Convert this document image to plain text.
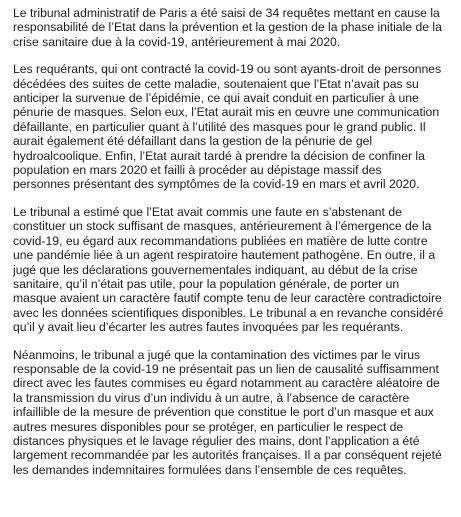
Le tribunal administratif de Paris a été saisi de 34 requêtes mettant en cause la
responsabilité de l’Etat dans la prévention et la gestion de la phase initiale de la
crise sanitaire due à la covid-19, antérieurement à mai 2020.

Les requérants, qui ont contracté la covid-19 ou sont ayants-droit de personnes
décédées des suites de cette maladie, soutenaient que l’Etat n’avait pas su
anticiper la survenue de l’épidémie, ce qui avait conduit en particulier à une
pénurie de masques. Selon eux, l’Etat aurait mis en œuvre une communication
défaillante, en particulier quant à l’utilité des masques pour le grand public. Il
aurait également été défaillant dans la gestion de la pénurie de gel
hydroalcoolique. Enfin, l’Etat aurait tardé à prendre la décision de confiner la
population en mars 2020 et failli à procéder au dépistage massif des
personnes présentant des symptômes de la covid-19 en mars et avril 2020.

Le tribunal a estimé que l’Etat avait commis une faute en s’abstenant de
constituer un stock suffisant de masques, antérieurement à l’émergence de la
covid-19, eu égard aux recommandations publiées en matière de lutte contre
une pandémie liée à un agent respiratoire hautement pathogène. En outre, il a
jugé que les déclarations gouvernementales indiquant, au début de la crise
sanitaire, qu’il n’était pas utile, pour la population générale, de porter un
masque avaient un caractère fautif compte tenu de leur caractère contradictoire
avec les données scientifiques disponibles. Le tribunal a en revanche considéré
qu’il y avait lieu d’écarter les autres fautes invoquées par les requérants.

Néanmoins, le tribunal a jugé que la contamination des victimes par le virus
responsable de la covid-19 ne présentait pas un lien de causalité suffisamment
direct avec les fautes commises eu égard notamment au caractère aléatoire de
la transmission du virus d’un individu à un autre, à l’absence de caractère
infaillible de la mesure de prévention que constitue le port d’un masque et aux
autres mesures disponibles pour se protéger, en particulier le respect de
distances physiques et le lavage régulier des mains, dont l’application a été
largement recommandée par les autorités françaises. Il a par conséquent rejeté
les demandes indemnitaires formulées dans l’ensemble de ces requêtes.
